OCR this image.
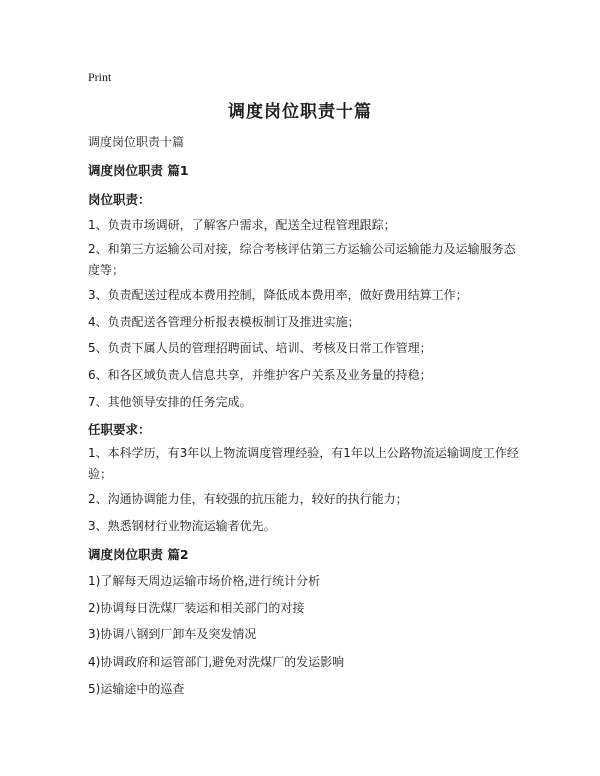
Print
调度岗位职责十篇
调度岗位职责十篇
调度岗位职责 篇1
岗位职责：
1、负责市场调研，了解客户需求，配送全过程管理跟踪；
2、和第三方运输公司对接，综合考核评估第三方运输公司运输能力及运输服务态度等；
3、负责配送过程成本费用控制，降低成本费用率，做好费用结算工作；
4、负责配送各管理分析报表模板制订及推进实施；
5、负责下属人员的管理招聘面试、培训、考核及日常工作管理；
6、和各区域负责人信息共享，并维护客户关系及业务量的持稳；
7、其他领导安排的任务完成。
任职要求：
1、本科学历，有3年以上物流调度管理经验，有1年以上公路物流运输调度工作经验；
2、沟通协调能力佳，有较强的抗压能力，较好的执行能力；
3、熟悉钢材行业物流运输者优先。
调度岗位职责 篇2
1)了解每天周边运输市场价格,进行统计分析
2)协调每日洗煤厂装运和相关部门的对接
3)协调八钢到厂卸车及突发情况
4)协调政府和运管部门,避免对洗煤厂的发运影响
5)运输途中的巡查
